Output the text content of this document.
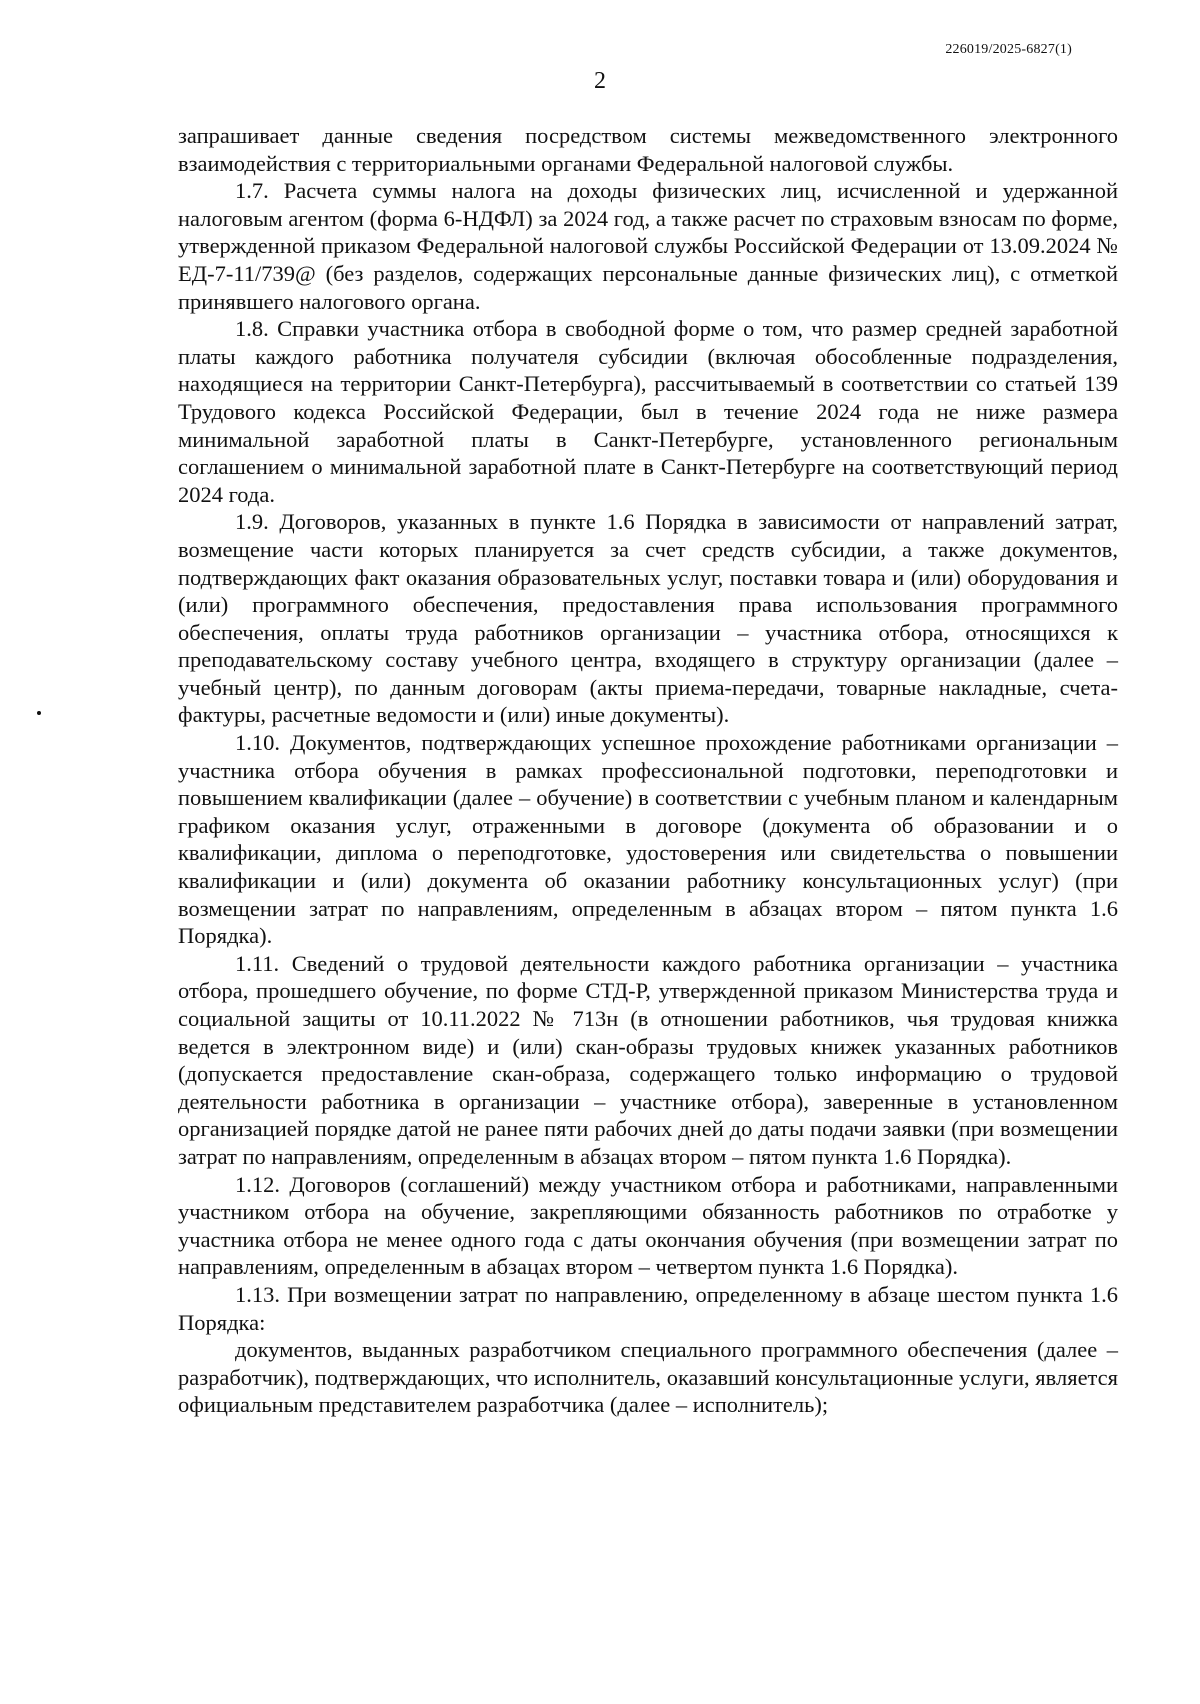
226019/2025-6827(1)
2

запрашивает данные сведения посредством системы межведомственного электронного взаимодействия с территориальными органами Федеральной налоговой службы.

1.7. Расчета суммы налога на доходы физических лиц, исчисленной и удержанной налоговым агентом (форма 6-НДФЛ) за 2024 год, а также расчет по страховым взносам по форме, утвержденной приказом Федеральной налоговой службы Российской Федерации от 13.09.2024 № ЕД-7-11/739@ (без разделов, содержащих персональные данные физических лиц), с отметкой принявшего налогового органа.

1.8. Справки участника отбора в свободной форме о том, что размер средней заработной платы каждого работника получателя субсидии (включая обособленные подразделения, находящиеся на территории Санкт-Петербурга), рассчитываемый в соответствии со статьей 139 Трудового кодекса Российской Федерации, был в течение 2024 года не ниже размера минимальной заработной платы в Санкт-Петербурге, установленного региональным соглашением о минимальной заработной плате в Санкт-Петербурге на соответствующий период 2024 года.

1.9. Договоров, указанных в пункте 1.6 Порядка в зависимости от направлений затрат, возмещение части которых планируется за счет средств субсидии, а также документов, подтверждающих факт оказания образовательных услуг, поставки товара и (или) оборудования и (или) программного обеспечения, предоставления права использования программного обеспечения, оплаты труда работников организации – участника отбора, относящихся к преподавательскому составу учебного центра, входящего в структуру организации (далее – учебный центр), по данным договорам (акты приема-передачи, товарные накладные, счета-фактуры, расчетные ведомости и (или) иные документы).

1.10. Документов, подтверждающих успешное прохождение работниками организации – участника отбора обучения в рамках профессиональной подготовки, переподготовки и повышением квалификации (далее – обучение) в соответствии с учебным планом и календарным графиком оказания услуг, отраженными в договоре (документа об образовании и о квалификации, диплома о переподготовке, удостоверения или свидетельства о повышении квалификации и (или) документа об оказании работнику консультационных услуг) (при возмещении затрат по направлениям, определенным в абзацах втором – пятом пункта 1.6 Порядка).

1.11. Сведений о трудовой деятельности каждого работника организации – участника отбора, прошедшего обучение, по форме СТД-Р, утвержденной приказом Министерства труда и социальной защиты от 10.11.2022 № 713н (в отношении работников, чья трудовая книжка ведется в электронном виде) и (или) скан-образы трудовых книжек указанных работников (допускается предоставление скан-образа, содержащего только информацию о трудовой деятельности работника в организации – участнике отбора), заверенные в установленном организацией порядке датой не ранее пяти рабочих дней до даты подачи заявки (при возмещении затрат по направлениям, определенным в абзацах втором – пятом пункта 1.6 Порядка).

1.12. Договоров (соглашений) между участником отбора и работниками, направленными участником отбора на обучение, закрепляющими обязанность работников по отработке у участника отбора не менее одного года с даты окончания обучения (при возмещении затрат по направлениям, определенным в абзацах втором – четвертом пункта 1.6 Порядка).

1.13. При возмещении затрат по направлению, определенному в абзаце шестом пункта 1.6 Порядка:

документов, выданных разработчиком специального программного обеспечения (далее – разработчик), подтверждающих, что исполнитель, оказавший консультационные услуги, является официальным представителем разработчика (далее – исполнитель);
